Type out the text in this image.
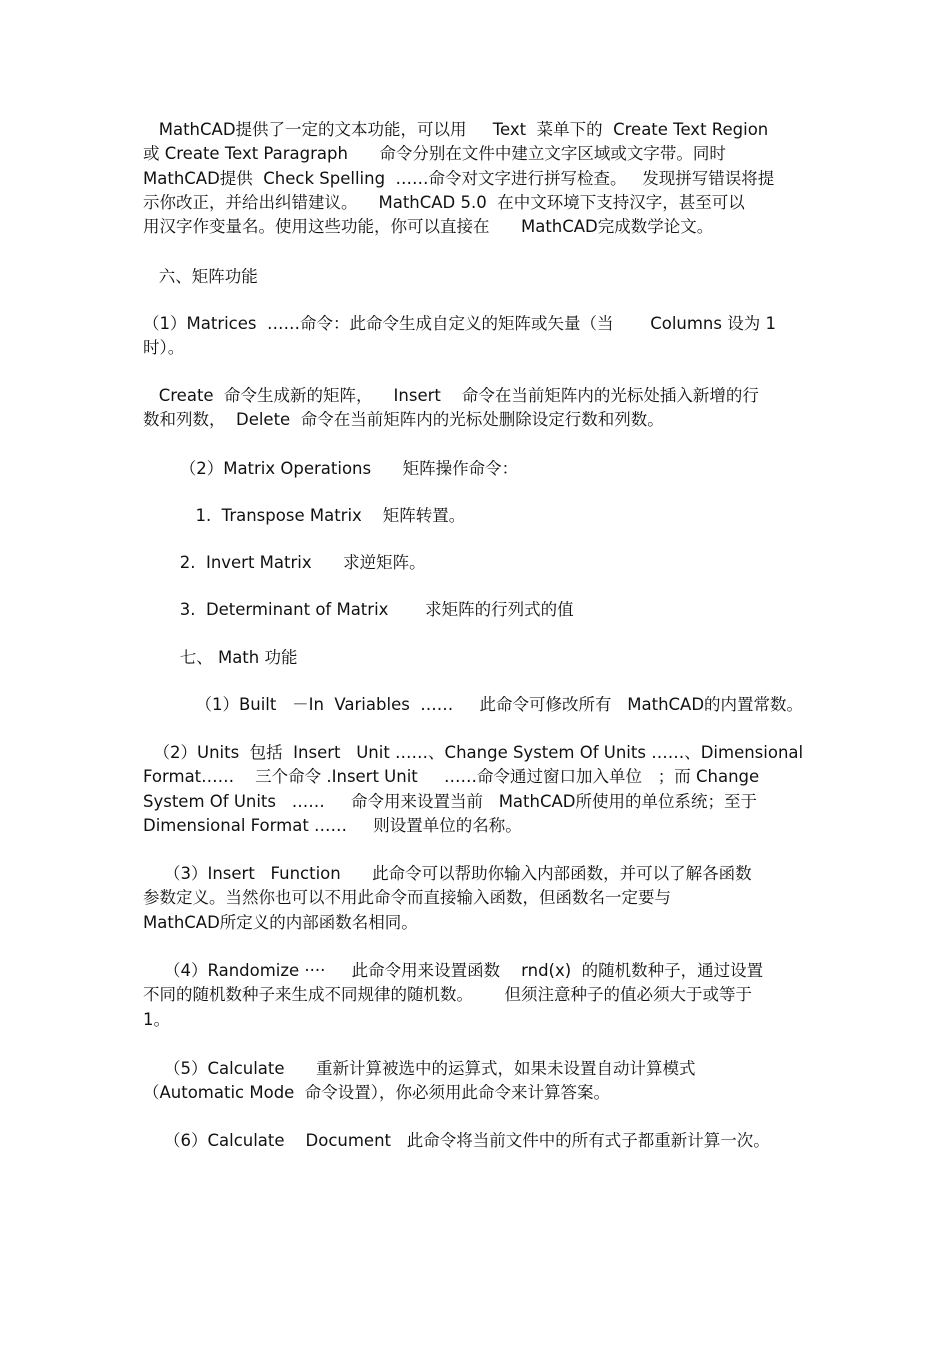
MathCAD提供了一定的文本功能，可以用     Text  菜单下的  Create Text Region
或 Create Text Paragraph      命令分别在文件中建立文字区域或文字带。同时
MathCAD提供  Check Spelling  ……命令对文字进行拼写检查。   发现拼写错误将提
示你改正，并给出纠错建议。    MathCAD 5.0  在中文环境下支持汉字，甚至可以
用汉字作变量名。使用这些功能，你可以直接在      MathCAD完成数学论文。
六、矩阵功能
（1）Matrices  ……命令：此命令生成自定义的矩阵或矢量（当       Columns 设为 1
时）。
Create  命令生成新的矩阵，    Insert    命令在当前矩阵内的光标处插入新增的行
数和列数，  Delete  命令在当前矩阵内的光标处删除设定行数和列数。
（2）Matrix Operations      矩阵操作命令：
1.  Transpose Matrix    矩阵转置。
2.  Invert Matrix      求逆矩阵。
3.  Determinant of Matrix       求矩阵的行列式的值
七、 Math 功能
（1）Built   －In  Variables  ……     此命令可修改所有   MathCAD的内置常数。
（2）Units  包括  Insert   Unit ……、Change System Of Units ……、Dimensional
Format……    三个命令 .Insert Unit     ……命令通过窗口加入单位   ；而 Change
System Of Units   ……     命令用来设置当前   MathCAD所使用的单位系统；至于
Dimensional Format ……     则设置单位的名称。
（3）Insert   Function      此命令可以帮助你输入内部函数，并可以了解各函数
参数定义。当然你也可以不用此命令而直接输入函数，但函数名一定要与
MathCAD所定义的内部函数名相同。
（4）Randomize ····     此命令用来设置函数    rnd(x)  的随机数种子，通过设置
不同的随机数种子来生成不同规律的随机数。      但须注意种子的值必须大于或等于
1。
（5）Calculate      重新计算被选中的运算式，如果未设置自动计算模式
（Automatic Mode  命令设置），你必须用此命令来计算答案。
（6）Calculate    Document   此命令将当前文件中的所有式子都重新计算一次。
